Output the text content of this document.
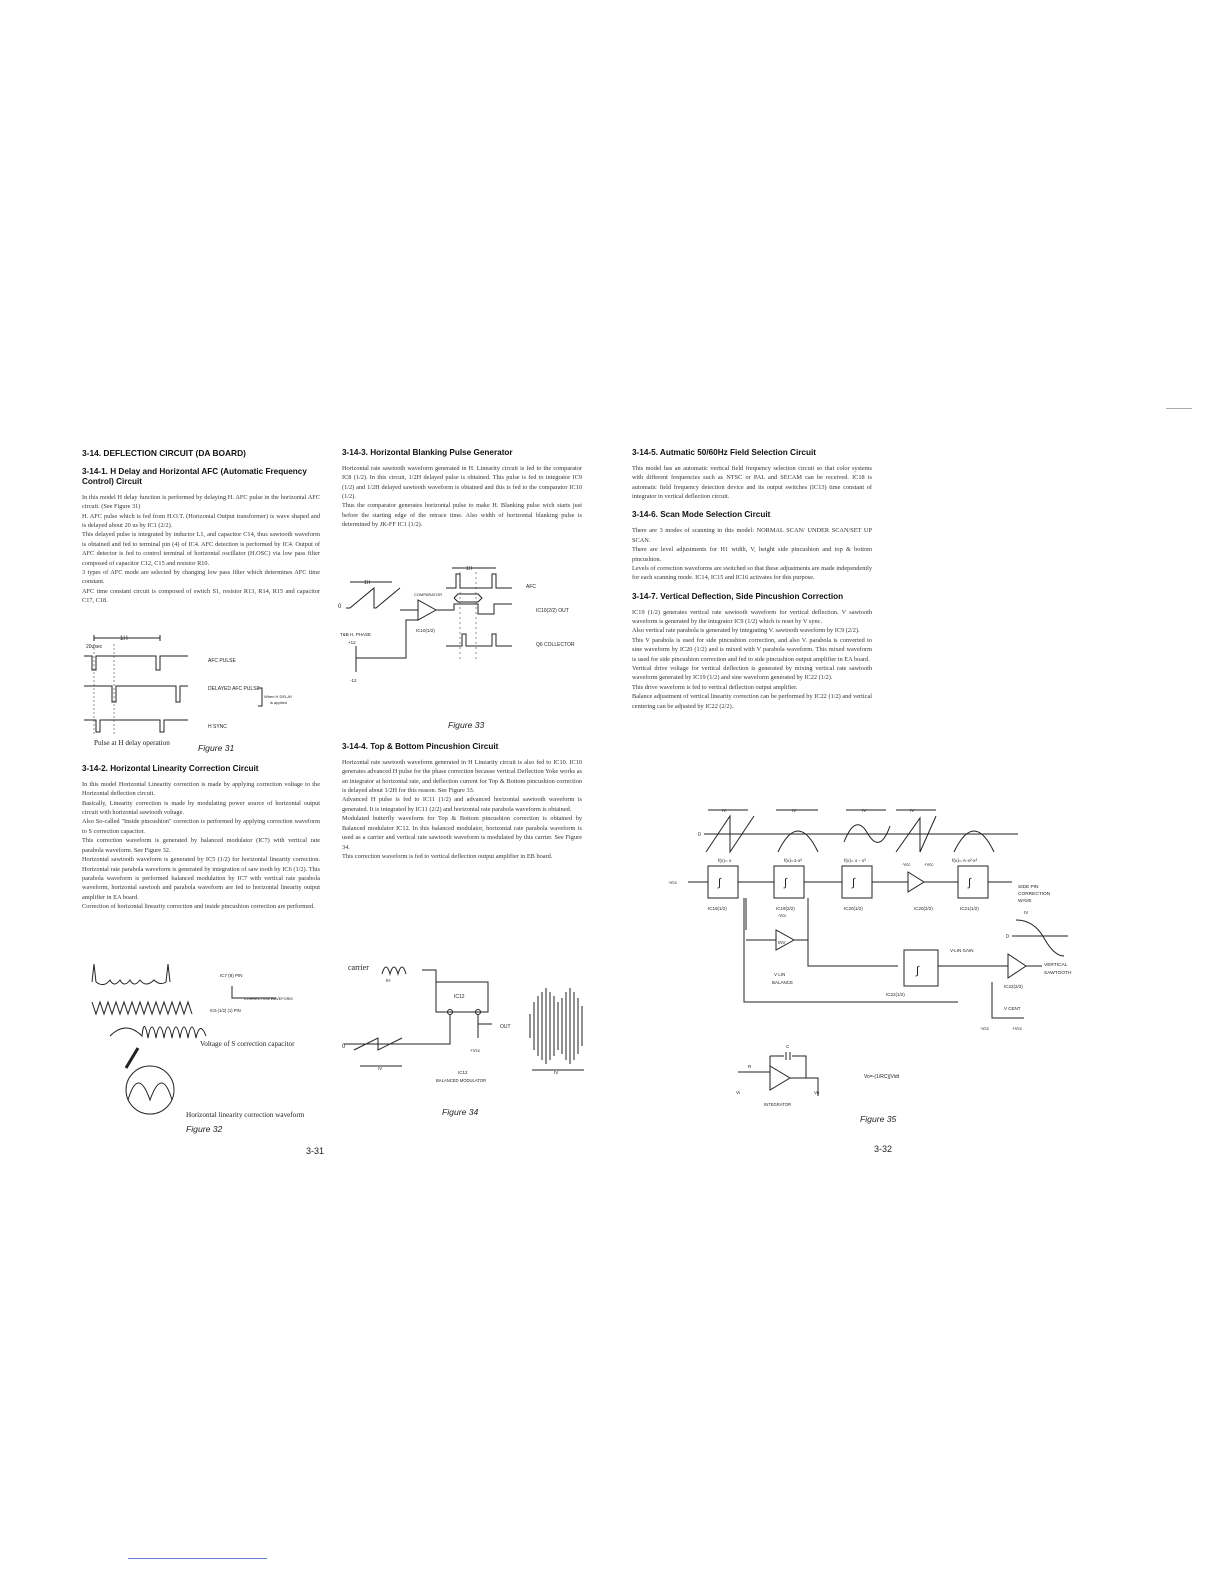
3-14. DEFLECTION CIRCUIT (DA BOARD)
3-14-1. H Delay and Horizontal AFC (Automatic Frequency Control) Circuit

In this model H delay function is performed by delaying H. AFC pulse in the horizontal AFC circuit. (See Figure 31)

H. AFC pulse which is fed from H.O.T. (Horizontal Output transformer) is wave shaped and is delayed about 20 us by IC1 (2/2).

This delayed pulse is integrated by inductor L1, and capacitor C14, thus sawtooth waveform is obtained and fed to terminal pin (4) of IC4. AFC detection is performed by IC4. Output of AFC detector is fed to control terminal of horizontal oscillator (H.OSC) via low pass filter composed of capacitor C12, C15 and resistor R10.

3 types of AFC mode are selected by changing low pass filter which determines AFC time constant.

AFC time constant circuit is composed of switch S1, resistor R13, R14, R15 and capacitor C17, C18.

1H
20usec
AFC PULSE
DELAYED AFC PULSE
When H DELAY
is applied
H SYNC
Pulse at H delay operation	Figure 31
3-14-2. Horizontal Linearity Correction Circuit

In this model Horizontal Linearity correction is made by applying correction voltage to the Horizontal deflection circuit.

Basically, Linearity correction is made by modulating power source of horizontal output circuit with horizontal sawtooth voltage.

Also So-called "Inside pincushion" correction is performed by applying correction waveform to S correction capacitor.

This correction waveform is generated by balanced modulator (IC7) with vertical rate parabola waveform. See Figure 32.

Horizontal sawtooth waveform is generated by IC5 (1/2) for horizontal linearity correction. Horizontal rate parabola waveform is generated by integration of saw tooth by IC6 (1/2). This parabola waveform is performed balanced modulation by IC7 with vertical rate parabola waveform, horizontal sawtooh and parabola waveform are fed to horizontal linearity output amplifier in EA board.

Correction of horizontal linearity correction and inside pincushion correction are performed.

IC7 (8) PIN
CORRECTION WAVEFORM
IC6 (1/2) (1) PIN
Voltage of S correction capacitor
Horizontal linearity correction waveform
Figure 32
3-31
3-14-3. Horizontal Blanking Pulse Generator

Horizontal rate sawtooth waveform generated in H. Linearity circuit is fed to the comparator IC8 (1/2). In this circuit, 1/2H delayed pulse is obtained. This pulse is fed to integrator IC9 (1/2) and 1/2H delayed sawtooth waveform is obtained and this is fed to the comparator IC10 (1/2).

Thus the comparator generates horizontal pulse to make H. Blanking pulse wich starts just before the starting edge of the retrace time. Also width of horizontal blanking pulse is determined by JK-FF IC1 (1/2).

1H
0
COMPARATOR
IC10(1/2)
T&B H. PHASE
+12
-12
1H
AFC
IC10(2/2) OUT
Q6 COLLECTOR
Figure 33
3-14-4. Top & Bottom Pincushion Circuit

Horizontal rate sawtooth waveform generated in H Linearity circuit is also fed to IC10. IC10 generates advanced H pulse for the phase correction because vertical Deflection Yoke works as an integrator at horizontal rate, and deflection current for Top & Bottom pincushion correction is delayed about 1/2H for this reason. See Figure 33.

Advanced H pulse is fed to IC11 (1/2) and advanced horizontal sawtooth waveform is generated. It is integrated by IC11 (2/2) and horizontal rate parabola waveform is obtained.

Modulated butterfly waveform for Top & Bottom pincushion correction is obtained by Balanced modulator IC12. In this balanced modulator, horizontal rate parabola waveform is used as a carrier and vertical rate sawtooth waveform is modulated by this carrier. See Figure 34.

This correction waveform is fed to vertical deflection output amplifier in EB board.

carrier
IH
IC12
0
OUT
+Vcc
IV
IV
IC12
BALANCED MODULATOR
Figure 34
3-14-5. Autmatic 50/60Hz Field Selection Circuit

This model has an automatic vertical field frequency selection circuit so that color systems with different frequencies such as NTSC or PAL and SECAM can be received. IC18 is automatic field frequency detection device and its output switches (IC13) time constant of integrator in vertical deflection circuit.

3-14-6. Scan Mode Selection Circuit

There are 3 modes of scanning in this model: NORMAL SCAN/ UNDER SCAN/SET UP SCAN.

There are level adjustments for H1 width, V, height side pincushion and top & bottom pincushion.

Levels of correction waveforms are switched so that these adjustments are made independently for each scanning mode. IC14, IC15 and IC16 activates for this purpose.

3-14-7. Vertical Deflection, Side Pincushion Correction

IC19 (1/2) generates vertical rate sawtooth waveform for vertical deflection. V sawtooth waveform is generated by the integrator IC9 (1/2) which is reset by V sync.

Also vertical rate parabola is generated by integrating V. sawtooth waveform by IC9 (2/2).

This V parabola is used for side pincushion correction, and also V. parabola is converted to sine waveform by IC20 (1/2) and is mixed with V parabola waveform. This mixed waveform is used for side pincushion correction and fed to side pincushion output amplifier in EA board.

Vertical drive voltage for vertical deflection is generated by mixing vertical rate sawtooth waveform generated by IC19 (1/2) and sine waveform generated by IC22 (1/2).

This drive waveform is fed to vertical deflection output amplifier.

Balance adjustment of vertical linearity correction can be performed by IC22 (1/2) and vertical centering can be adjusted by IC22 (2/2).

IV	IV	IV	IV
0
f(x)= x	f(x)=1-x²	f(x)= x - x³	f(x)= A-x²-x³
-Vcc	∫	∫	∫
-Vcc	+Vcc
∫	SIDE PIN
CORRECTION
WAVE
IC19(1/2)	IC19(2/2)
-Vcc
IC20(1/2)	IC20(2/2)	IC21(1/2)
IV
0
INV
∫
V-LIN GAIN
VERTICAL
SAWTOOTH
V LIN
BALANCE
IC22(1/2)
IC22(2/2)
V CENT
-Vcc	+Vcc
C
R
Vi	Vo
INTEGRATOR
Vo=-(1/RC)∫Vidt
Figure 35
3-32
